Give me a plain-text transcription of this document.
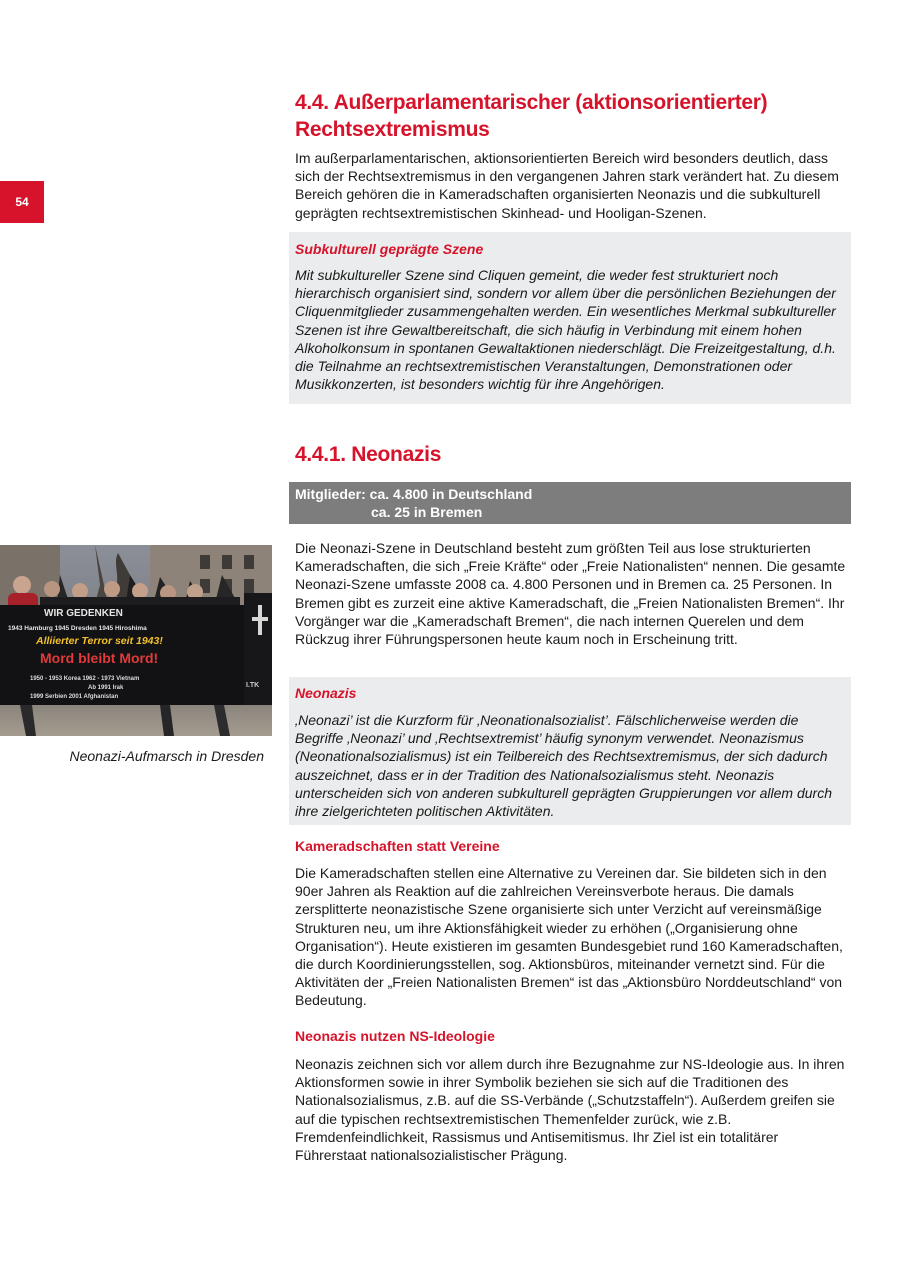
54
4.4. Außerparlamentarischer (aktionsorientierter)
Rechtsextremismus

Im außerparlamentarischen, aktionsorientierten Bereich wird besonders deutlich, dass sich der Rechtsextremismus in den vergangenen Jahren stark verändert hat. Zu diesem Bereich gehören die in Kameradschaften organisierten Neonazis und die subkulturell geprägten rechtsextremistischen Skinhead- und Hooligan-Szenen.

Subkulturell geprägte Szene

Mit subkultureller Szene sind Cliquen gemeint, die weder fest strukturiert noch hierarchisch organisiert sind, sondern vor allem über die persönlichen Beziehungen der Cliquenmitglieder zusammengehalten werden. Ein wesentliches Merkmal subkultureller Szenen ist ihre Gewaltbereitschaft, die sich häufig in Verbindung mit einem hohen Alkoholkonsum in spontanen Gewaltaktionen niederschlägt. Die Freizeitgestaltung, d.h. die Teilnahme an rechtsextremistischen Veranstaltungen, Demonstrationen oder Musikkonzerten, ist besonders wichtig für ihre Angehörigen.

4.4.1. Neonazis
Mitglieder: ca. 4.800 in Deutschland
ca. 25 in Bremen

Die Neonazi-Szene in Deutschland besteht zum größten Teil aus lose strukturierten Kameradschaften, die sich „Freie Kräfte“ oder „Freie Nationalisten“ nennen. Die gesamte Neonazi-Szene umfasste 2008 ca. 4.800 Personen und in Bremen ca. 25 Personen. In Bremen gibt es zurzeit eine aktive Kameradschaft, die „Freien Nationalisten Bremen“. Ihr Vorgänger war die „Kameradschaft Bremen“, die nach internen Querelen und dem Rückzug ihrer Führungspersonen heute kaum noch in Erscheinung tritt.

Neonazis

‚Neonazi’ ist die Kurzform für ‚Neonationalsozialist’. Fälschlicherweise werden die Begriffe ‚Neonazi’ und ‚Rechtsextremist’ häufig synonym verwendet. Neonazismus (Neonationalsozialismus) ist ein Teilbereich des Rechtsextremismus, der sich dadurch auszeichnet, dass er in der Tradition des Nationalsozialismus steht. Neonazis unterscheiden sich von anderen subkulturell geprägten Gruppierungen vor allem durch ihre zielgerichteten politischen Aktivitäten.

Kameradschaften statt Vereine

Die Kameradschaften stellen eine Alternative zu Vereinen dar. Sie bildeten sich in den 90er Jahren als Reaktion auf die zahlreichen Vereinsverbote heraus. Die damals zersplitterte neonazistische Szene organisierte sich unter Verzicht auf vereinsmäßige Strukturen neu, um ihre Aktionsfähigkeit wieder zu erhöhen („Organisierung ohne Organisation“). Heute existieren im gesamten Bundesgebiet rund 160 Kameradschaften, die durch Koordinierungsstellen, sog. Aktionsbüros, miteinander vernetzt sind. Für die Aktivitäten der „Freien Nationalisten Bremen“ ist das „Aktionsbüro Norddeutschland“ von Bedeutung.

Neonazis nutzen NS-Ideologie

Neonazis zeichnen sich vor allem durch ihre Bezugnahme zur NS-Ideologie aus. In ihren Aktionsformen sowie in ihrer Symbolik beziehen sie sich auf die Traditionen des Nationalsozialismus, z.B. auf die SS-Verbände („Schutzstaffeln“). Außerdem greifen sie auf die typischen rechtsextremistischen Themenfelder zurück, wie z.B. Fremdenfeindlichkeit, Rassismus und Antisemitismus. Ihr Ziel ist ein totalitärer Führerstaat nationalsozialistischer Prägung.

WIR GEDENKEN
1943 Hamburg 1945 Dresden 1945 Hiroshima
Alliierter Terror seit 1943!
Mord bleibt Mord!
1950 - 1953 Korea 1962 - 1973 Vietnam
Ab 1991 Irak
1999 Serbien 2001 Afghanistan
I.TK
Neonazi-Aufmarsch in Dresden
